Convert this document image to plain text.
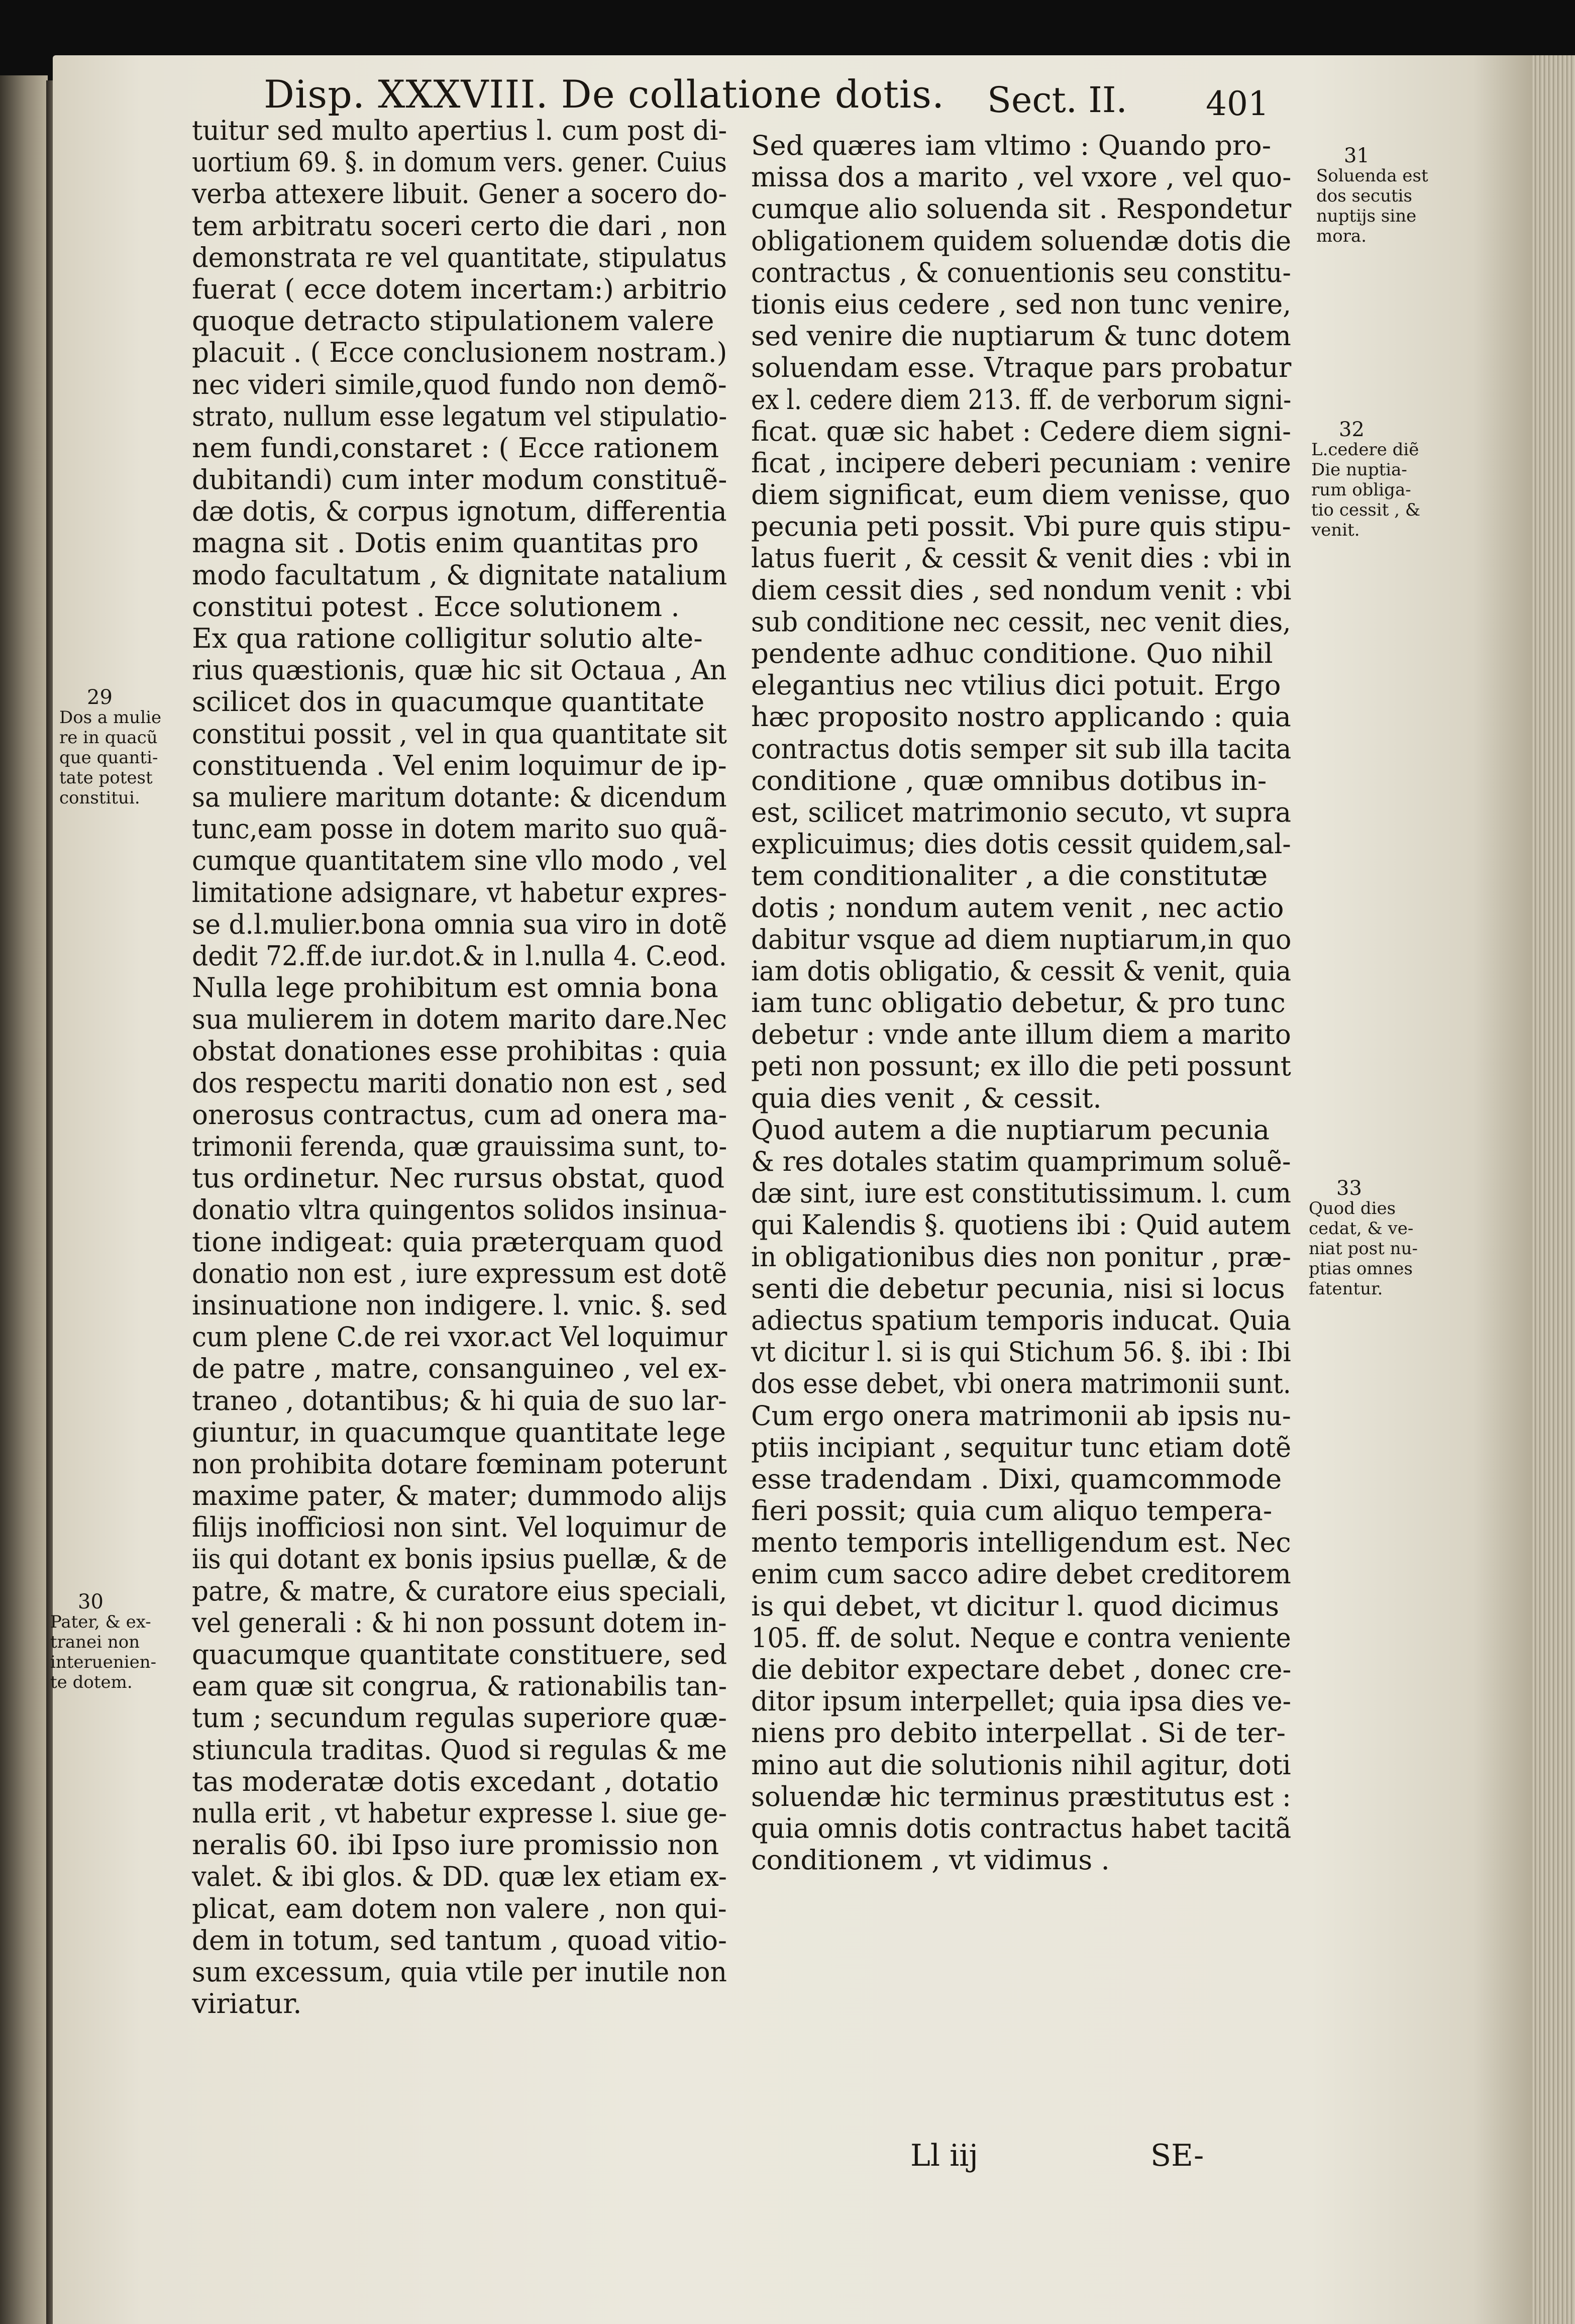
Disp. XXXVIII. De collatione dotis. Sect. II. 401
tuitur sed multo apertius l. cum post di-
uortium 69. §. in domum vers. gener. Cuius
verba attexere libuit. Gener a socero do-
tem arbitratu soceri certo die dari , non
demonstrata re vel quantitate, stipulatus
fuerat ( ecce dotem incertam:) arbitrio
quoque detracto stipulationem valere
placuit . ( Ecce conclusionem nostram.)
nec videri simile,quod fundo non demõ-
strato, nullum esse legatum vel stipulatio-
nem fundi,constaret : ( Ecce rationem
dubitandi) cum inter modum constituẽ-
dæ dotis, & corpus ignotum, differentia
magna sit . Dotis enim quantitas pro
modo facultatum , & dignitate natalium
constitui potest . Ecce solutionem .
Ex qua ratione colligitur solutio alte-
rius quæstionis, quæ hic sit Octaua , An
scilicet dos in quacumque quantitate
constitui possit , vel in qua quantitate sit
constituenda . Vel enim loquimur de ip-
sa muliere maritum dotante: & dicendum
tunc,eam posse in dotem marito suo quã-
cumque quantitatem sine vllo modo , vel
limitatione adsignare, vt habetur expres-
se d.l.mulier.bona omnia sua viro in dotẽ
dedit 72.ff.de iur.dot.& in l.nulla 4. C.eod.
Nulla lege prohibitum est omnia bona
sua mulierem in dotem marito dare.Nec
obstat donationes esse prohibitas : quia
dos respectu mariti donatio non est , sed
onerosus contractus, cum ad onera ma-
trimonii ferenda, quæ grauissima sunt, to-
tus ordinetur. Nec rursus obstat, quod
donatio vltra quingentos solidos insinua-
tione indigeat: quia præterquam quod
donatio non est , iure expressum est dotẽ
insinuatione non indigere. l. vnic. §. sed
cum plene C.de rei vxor.act Vel loquimur
de patre , matre, consanguineo , vel ex-
traneo , dotantibus; & hi quia de suo lar-
giuntur, in quacumque quantitate lege
non prohibita dotare fœminam poterunt
maxime pater, & mater; dummodo alijs
filijs inofficiosi non sint. Vel loquimur de
iis qui dotant ex bonis ipsius puellæ, & de
patre, & matre, & curatore eius speciali,
vel generali : & hi non possunt dotem in-
quacumque quantitate constituere, sed
eam quæ sit congrua, & rationabilis tan-
tum ; secundum regulas superiore quæ-
stiuncula traditas. Quod si regulas & me
tas moderatæ dotis excedant , dotatio
nulla erit , vt habetur expresse l. siue ge-
neralis 60. ibi Ipso iure promissio non
valet. & ibi glos. & DD. quæ lex etiam ex-
plicat, eam dotem non valere , non qui-
dem in totum, sed tantum , quoad vitio-
sum excessum, quia vtile per inutile non
viriatur.
Sed quæres iam vltimo : Quando pro-
missa dos a marito , vel vxore , vel quo-
cumque alio soluenda sit . Respondetur
obligationem quidem soluendæ dotis die
contractus , & conuentionis seu constitu-
tionis eius cedere , sed non tunc venire,
sed venire die nuptiarum & tunc dotem
soluendam esse. Vtraque pars probatur
ex l. cedere diem 213. ff. de verborum signi-
ficat. quæ sic habet : Cedere diem signi-
ficat , incipere deberi pecuniam : venire
diem significat, eum diem venisse, quo
pecunia peti possit. Vbi pure quis stipu-
latus fuerit , & cessit & venit dies : vbi in
diem cessit dies , sed nondum venit : vbi
sub conditione nec cessit, nec venit dies,
pendente adhuc conditione. Quo nihil
elegantius nec vtilius dici potuit. Ergo
hæc proposito nostro applicando : quia
contractus dotis semper sit sub illa tacita
conditione , quæ omnibus dotibus in-
est, scilicet matrimonio secuto, vt supra
explicuimus; dies dotis cessit quidem,sal-
tem conditionaliter , a die constitutæ
dotis ; nondum autem venit , nec actio
dabitur vsque ad diem nuptiarum,in quo
iam dotis obligatio, & cessit & venit, quia
iam tunc obligatio debetur, & pro tunc
debetur : vnde ante illum diem a marito
peti non possunt; ex illo die peti possunt
quia dies venit , & cessit.
Quod autem a die nuptiarum pecunia
& res dotales statim quamprimum soluẽ-
dæ sint, iure est constitutissimum. l. cum
qui Kalendis §. quotiens ibi : Quid autem
in obligationibus dies non ponitur , præ-
senti die debetur pecunia, nisi si locus
adiectus spatium temporis inducat. Quia
vt dicitur l. si is qui Stichum 56. §. ibi : Ibi
dos esse debet, vbi onera matrimonii sunt.
Cum ergo onera matrimonii ab ipsis nu-
ptiis incipiant , sequitur tunc etiam dotẽ
esse tradendam . Dixi, quamcommode
fieri possit; quia cum aliquo tempera-
mento temporis intelligendum est. Nec
enim cum sacco adire debet creditorem
is qui debet, vt dicitur l. quod dicimus
105. ff. de solut. Neque e contra veniente
die debitor expectare debet , donec cre-
ditor ipsum interpellet; quia ipsa dies ve-
niens pro debito interpellat . Si de ter-
mino aut die solutionis nihil agitur, doti
soluendæ hic terminus præstitutus est :
quia omnis dotis contractus habet tacitã
conditionem , vt vidimus .
29
Dos a mulie
re in quacũ
que quanti-
tate potest
constitui.
30
Pater, & ex-
tranei non
interuenien-
te dotem.
31
Soluenda est
dos secutis
nuptijs sine
mora.
32
L.cedere diẽ
Die nuptia-
rum obliga-
tio cessit , &
venit.
33
Quod dies
cedat, & ve-
niat post nu-
ptias omnes
fatentur.
Ll iij	SE-
